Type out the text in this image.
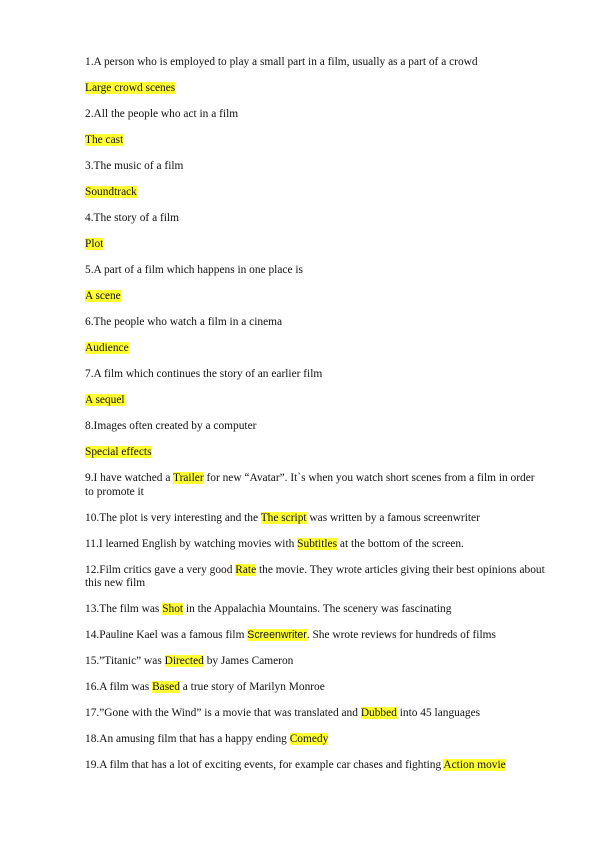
1.A person who is employed to play a small part in a film, usually as a part of a crowd

Large crowd scenes

2.All the people who act in a film

The cast

3.The music of a film

Soundtrack

4.The story of a film

Plot

5.A part of a film which happens in one place is

A scene

6.The people who watch a film in a cinema

Audience

7.A film which continues the story of an earlier film

A sequel

8.Images often created by a computer

Special effects

9.I have watched a Trailer for new “Avatar”. It`s when you watch short scenes from a film in order to promote it

10.The plot is very interesting and the The script was written by a famous screenwriter

11.I learned English by watching movies with Subtitles at the bottom of the screen.

12.Film critics gave a very good Rate the movie. They wrote articles giving their best opinions about this new film

13.The film was Shot in the Appalachia Mountains. The scenery was fascinating

14.Pauline Kael was a famous film Screenwriter. She wrote reviews for hundreds of films

15.”Titanic” was Directed by James Cameron

16.A film was Based a true story of Marilyn Monroe

17.”Gone with the Wind” is a movie that was translated and Dubbed into 45 languages

18.An amusing film that has a happy ending Comedy

19.A film that has a lot of exciting events, for example car chases and fighting Action movie
